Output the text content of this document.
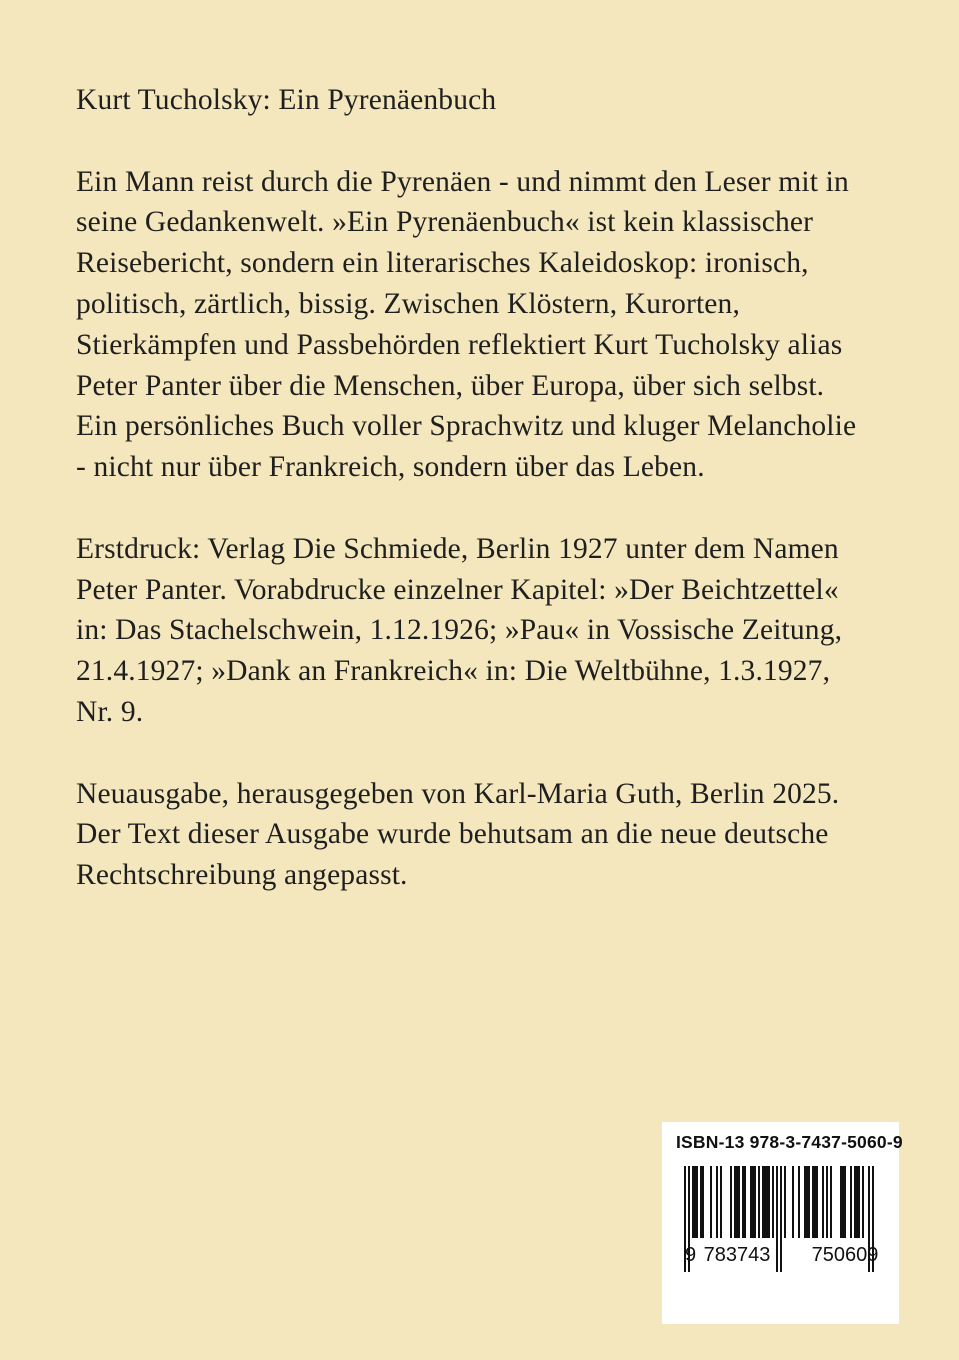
Kurt Tucholsky: Ein Pyrenäenbuch

Ein Mann reist durch die Pyrenäen - und nimmt den Leser mit in
seine Gedankenwelt. »Ein Pyrenäenbuch« ist kein klassischer
Reisebericht, sondern ein literarisches Kaleidoskop: ironisch,
politisch, zärtlich, bissig. Zwischen Klöstern, Kurorten,
Stierkämpfen und Passbehörden reflektiert Kurt Tucholsky alias
Peter Panter über die Menschen, über Europa, über sich selbst.
Ein persönliches Buch voller Sprachwitz und kluger Melancholie
- nicht nur über Frankreich, sondern über das Leben.

Erstdruck: Verlag Die Schmiede, Berlin 1927 unter dem Namen
Peter Panter. Vorabdrucke einzelner Kapitel: »Der Beichtzettel«
in: Das Stachelschwein, 1.12.1926; »Pau« in Vossische Zeitung,
21.4.1927; »Dank an Frankreich« in: Die Weltbühne, 1.3.1927,
Nr. 9.

Neuausgabe, herausgegeben von Karl-Maria Guth, Berlin 2025.
Der Text dieser Ausgabe wurde behutsam an die neue deutsche
Rechtschreibung angepasst.

ISBN-13 978-3-7437-5060-9
9 783743 750609
